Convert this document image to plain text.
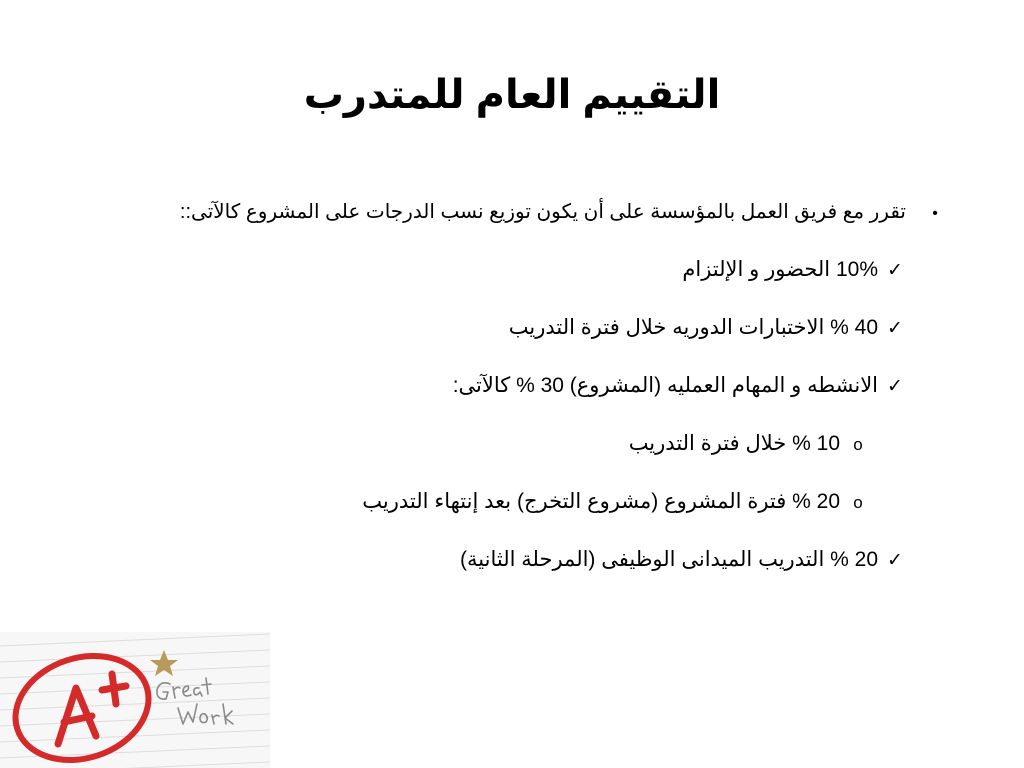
التقييم العام للمتدرب
•تقرر مع فريق العمل بالمؤسسة على أن يكون توزيع نسب الدرجات على المشروع كالآتى::
✓10% الحضور و الإلتزام
✓40 % الاختبارات الدوريه خلال فترة التدريب
✓الانشطه و المهام العمليه (المشروع) 30 % كالآتى:
o10 % خلال فترة التدريب
o20 % فترة المشروع (مشروع التخرج) بعد إنتهاء التدريب
✓20 % التدريب الميدانى الوظيفى (المرحلة الثانية)
